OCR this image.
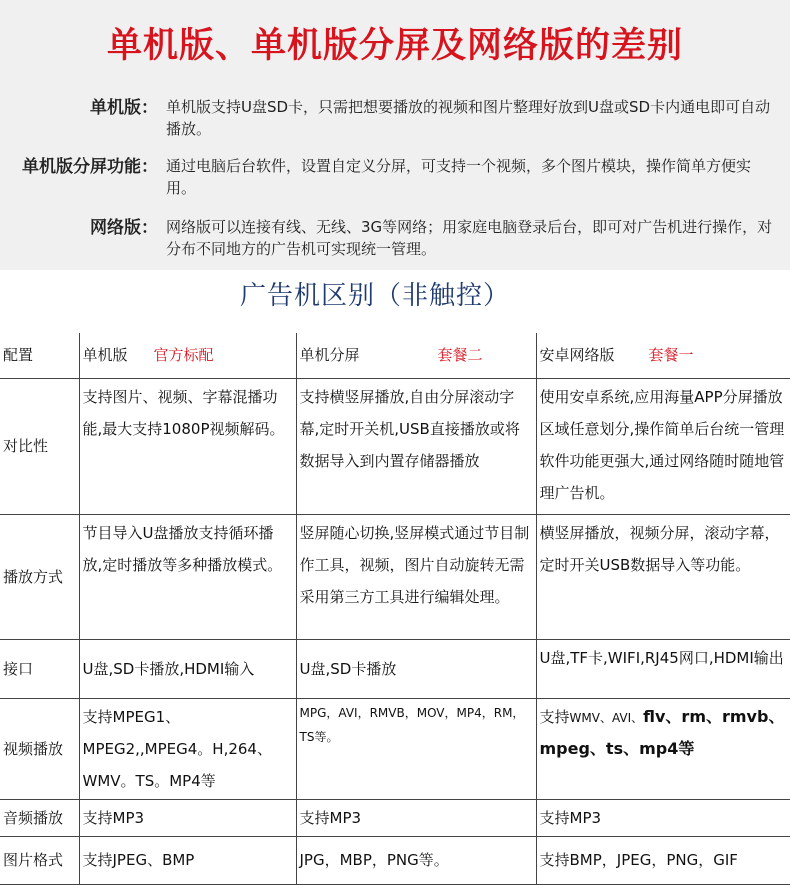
单机版、单机版分屏及网络版的差别
单机版： 单机版支持U盘SD卡，只需把想要播放的视频和图片整理好放到U盘或SD卡内通电即可自动播放。
单机版分屏功能： 通过电脑后台软件，设置自定义分屏，可支持一个视频，多个图片模块，操作简单方便实用。
网络版： 网络版可以连接有线、无线、3G等网络；用家庭电脑登录后台，即可对广告机进行操作，对分布不同地方的广告机可实现统一管理。
广告机区别（非触控）
配置	单机版 官方标配	单机分屏 套餐二	安卓网络版 套餐一
对比性	支持图片、视频、字幕混播功能,最大支持1080P视频解码。	支持横竖屏播放,自由分屏滚动字幕,定时开关机,USB直接播放或将数据导入到内置存储器播放	使用安卓系统,应用海量APP分屏播放区域任意划分,操作简单后台统一管理软件功能更强大,通过网络随时随地管理广告机。
播放方式	节目导入U盘播放支持循环播放,定时播放等多种播放模式。	竖屏随心切换,竖屏模式通过节目制作工具，视频，图片自动旋转无需采用第三方工具进行编辑处理。	横竖屏播放，视频分屏，滚动字幕，定时开关USB数据导入等功能。
接口	U盘,SD卡播放,HDMI输入	U盘,SD卡播放	U盘,TF卡,WIFI,RJ45网口,HDMI输出
视频播放	支持MPEG1、MPEG2,,MPEG4。H,264、WMV。TS。MP4等	MPG，AVI，RMVB，MOV，MP4，RM，TS等。	支持WMV、AVI、flv、rm、rmvb、mpeg、ts、mp4等
音频播放	支持MP3	支持MP3	支持MP3
图片格式	支持JPEG、BMP	JPG，MBP，PNG等。	支持BMP，JPEG，PNG，GIF
